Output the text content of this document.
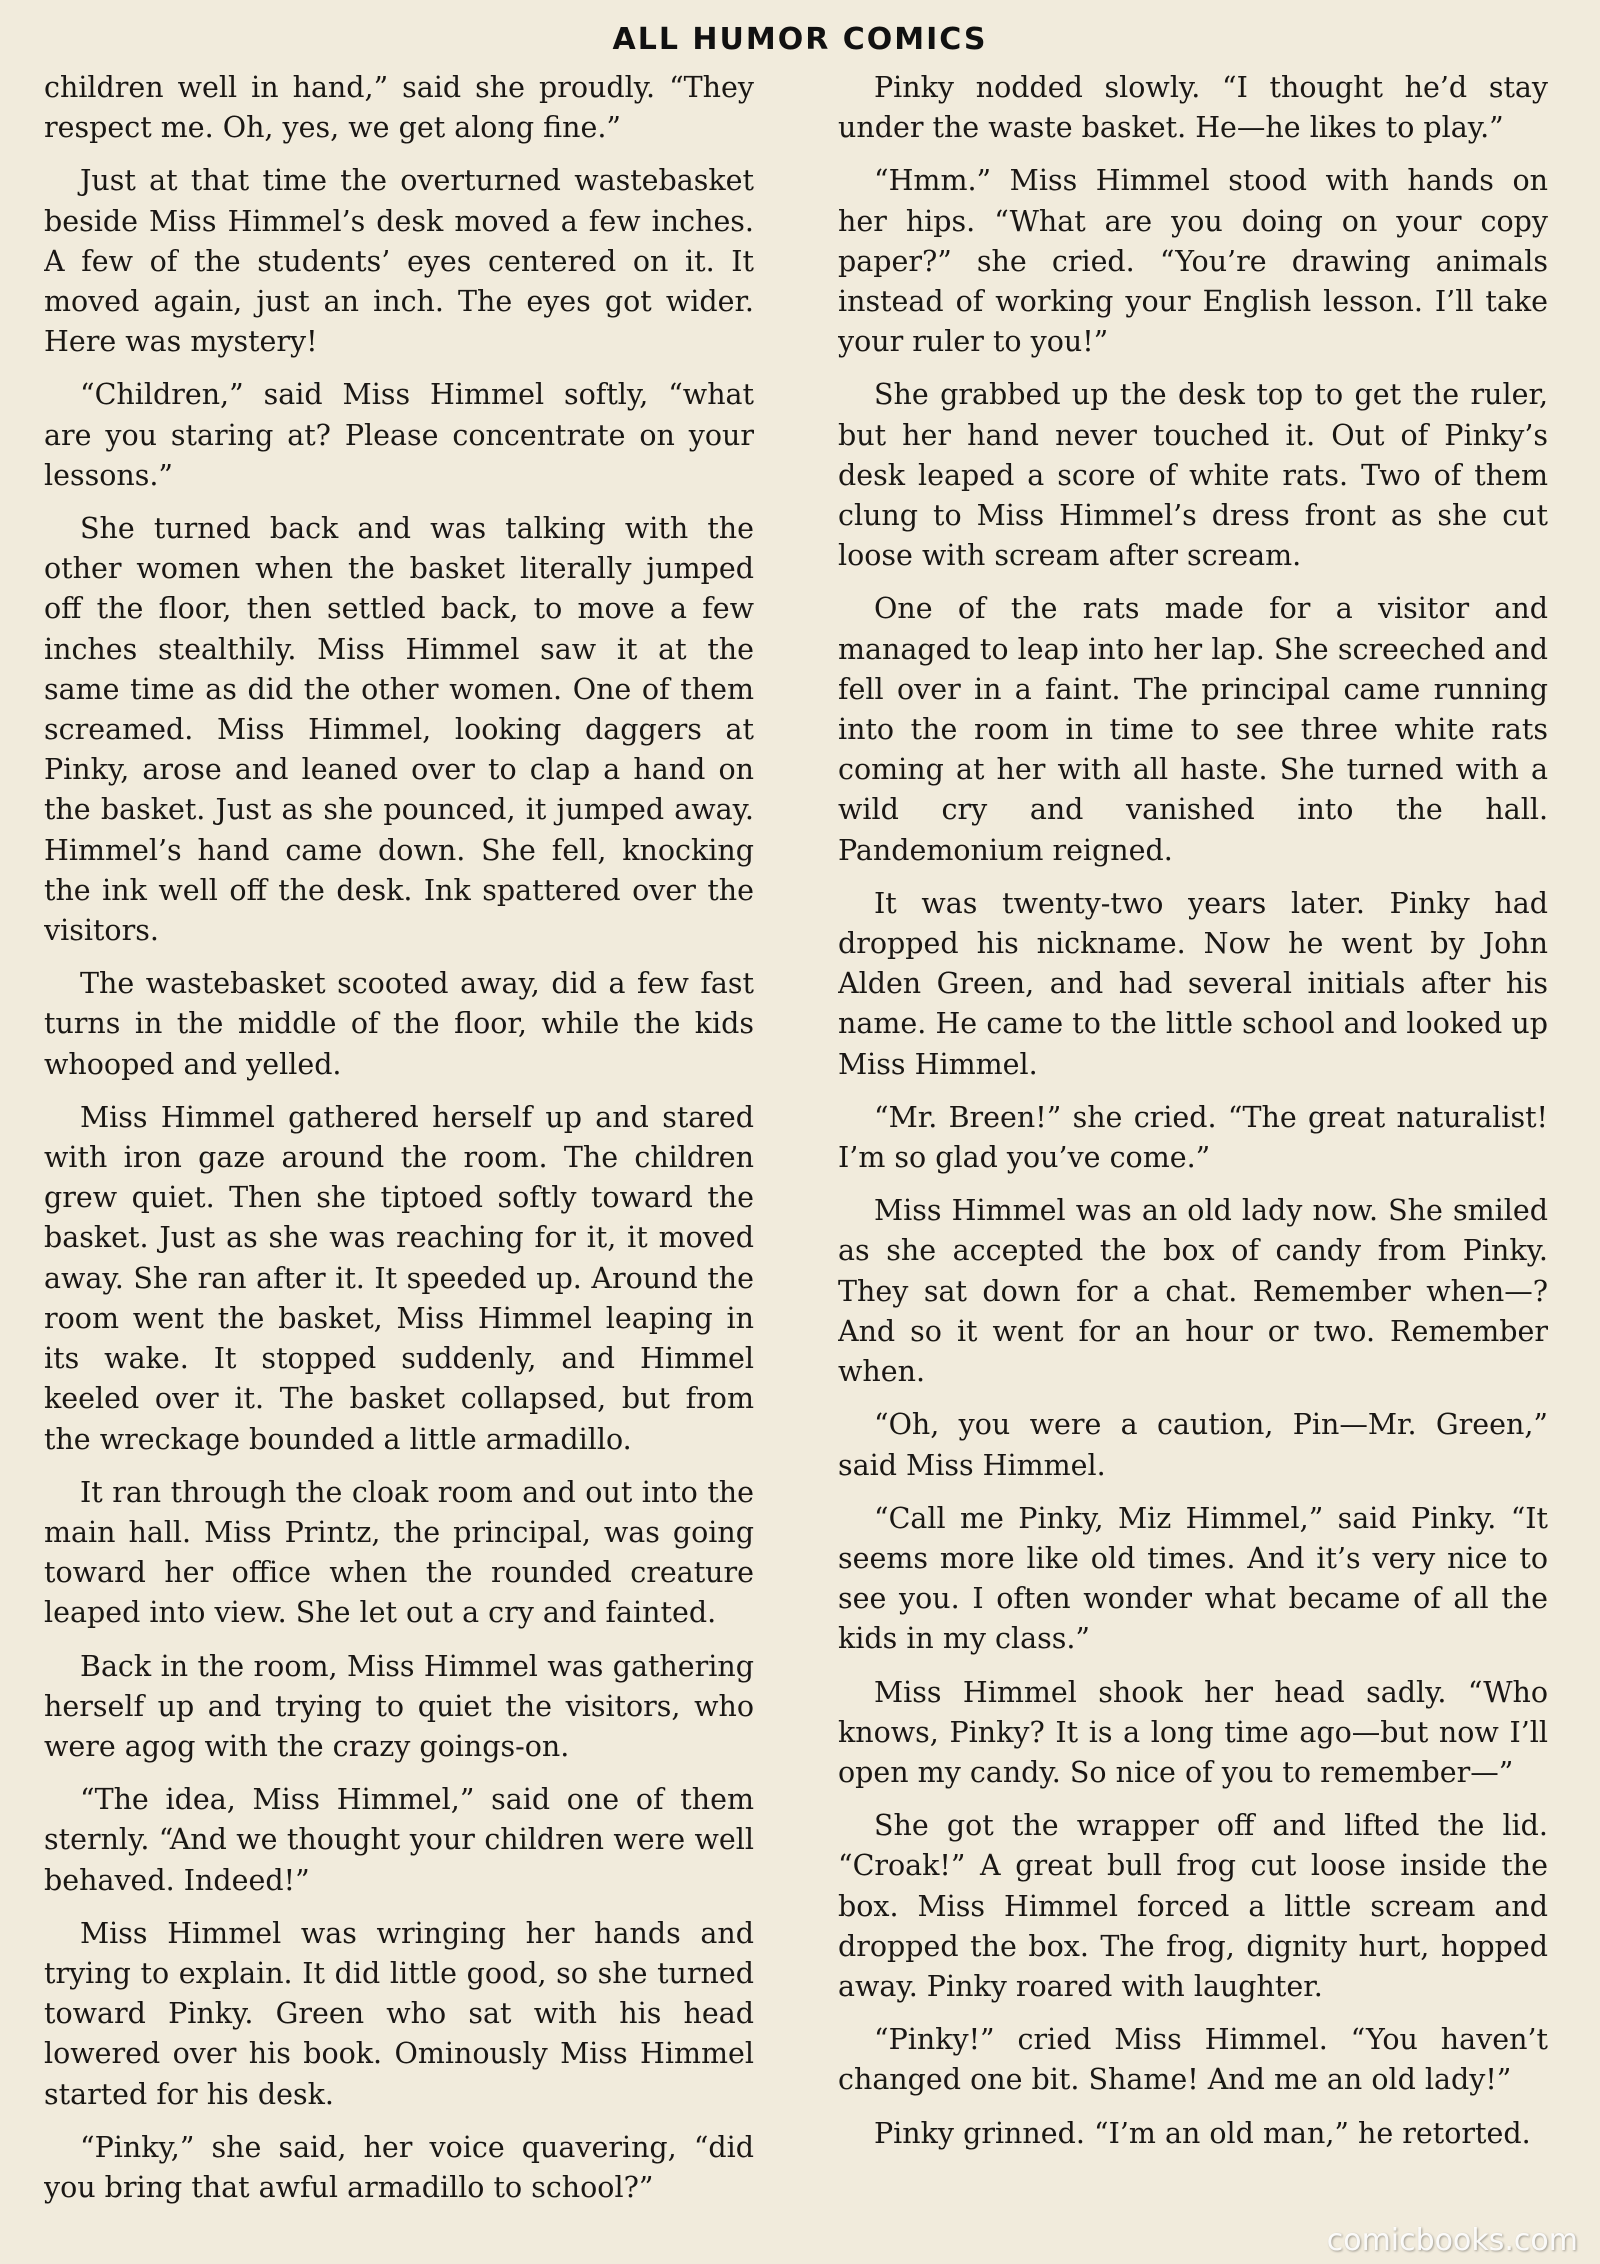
ALL HUMOR COMICS

children well in hand,” said she proudly. “They respect me. Oh, yes, we get along fine.”

Just at that time the overturned wastebasket beside Miss Himmel’s desk moved a few inches. A few of the students’ eyes centered on it. It moved again, just an inch. The eyes got wider. Here was mystery!

“Children,” said Miss Himmel softly, “what are you staring at? Please concentrate on your lessons.”

She turned back and was talking with the other women when the basket literally jumped off the floor, then settled back, to move a few inches stealthily. Miss Himmel saw it at the same time as did the other women. One of them screamed. Miss Himmel, looking daggers at Pinky, arose and leaned over to clap a hand on the basket. Just as she pounced, it jumped away. Himmel’s hand came down. She fell, knocking the ink well off the desk. Ink spattered over the visitors.

The wastebasket scooted away, did a few fast turns in the middle of the floor, while the kids whooped and yelled.

Miss Himmel gathered herself up and stared with iron gaze around the room. The children grew quiet. Then she tiptoed softly toward the basket. Just as she was reaching for it, it moved away. She ran after it. It speeded up. Around the room went the basket, Miss Himmel leaping in its wake. It stopped suddenly, and Himmel keeled over it. The basket collapsed, but from the wreckage bounded a little armadillo.

It ran through the cloak room and out into the main hall. Miss Printz, the principal, was going toward her office when the rounded creature leaped into view. She let out a cry and fainted.

Back in the room, Miss Himmel was gathering herself up and trying to quiet the visitors, who were agog with the crazy goings-on.

“The idea, Miss Himmel,” said one of them sternly. “And we thought your children were well behaved. Indeed!”

Miss Himmel was wringing her hands and trying to explain. It did little good, so she turned toward Pinky. Green who sat with his head lowered over his book. Ominously Miss Himmel started for his desk.

“Pinky,” she said, her voice quavering, “did you bring that awful armadillo to school?”

Pinky nodded slowly. “I thought he’d stay under the waste basket. He—he likes to play.”

“Hmm.” Miss Himmel stood with hands on her hips. “What are you doing on your copy paper?” she cried. “You’re drawing animals instead of working your English lesson. I’ll take your ruler to you!”

She grabbed up the desk top to get the ruler, but her hand never touched it. Out of Pinky’s desk leaped a score of white rats. Two of them clung to Miss Himmel’s dress front as she cut loose with scream after scream.

One of the rats made for a visitor and managed to leap into her lap. She screeched and fell over in a faint. The principal came running into the room in time to see three white rats coming at her with all haste. She turned with a wild cry and vanished into the hall. Pandemonium reigned.

It was twenty-two years later. Pinky had dropped his nickname. Now he went by John Alden Green, and had several initials after his name. He came to the little school and looked up Miss Himmel.

“Mr. Breen!” she cried. “The great naturalist! I’m so glad you’ve come.”

Miss Himmel was an old lady now. She smiled as she accepted the box of candy from Pinky. They sat down for a chat. Remember when—? And so it went for an hour or two. Remember when.

“Oh, you were a caution, Pin—Mr. Green,” said Miss Himmel.

“Call me Pinky, Miz Himmel,” said Pinky. “It seems more like old times. And it’s very nice to see you. I often wonder what became of all the kids in my class.”

Miss Himmel shook her head sadly. “Who knows, Pinky? It is a long time ago—but now I’ll open my candy. So nice of you to remember—”

She got the wrapper off and lifted the lid. “Croak!” A great bull frog cut loose inside the box. Miss Himmel forced a little scream and dropped the box. The frog, dignity hurt, hopped away. Pinky roared with laughter.

“Pinky!” cried Miss Himmel. “You haven’t changed one bit. Shame! And me an old lady!”

Pinky grinned. “I’m an old man,” he retorted.

comicbooks.com
